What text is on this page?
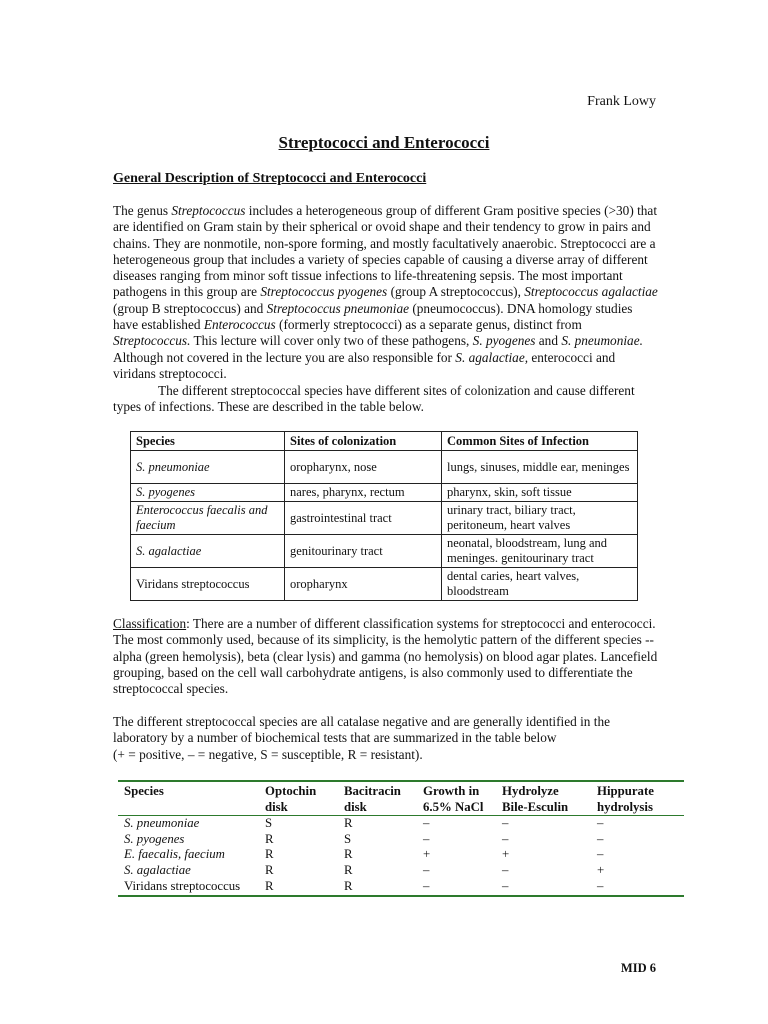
Frank Lowy
Streptococci and Enterococci
General Description of Streptococci and Enterococci
The genus Streptococcus includes a heterogeneous group of different Gram positive species (>30) that are identified on Gram stain by their spherical or ovoid shape and their tendency to grow in pairs and chains. They are nonmotile, non-spore forming, and mostly facultatively anaerobic. Streptococci are a heterogeneous group that includes a variety of species capable of causing a diverse array of different diseases ranging from minor soft tissue infections to life-threatening sepsis. The most important pathogens in this group are Streptococcus pyogenes (group A streptococcus), Streptococcus agalactiae (group B streptococcus) and Streptococcus pneumoniae (pneumococcus). DNA homology studies have established Enterococcus (formerly streptococci) as a separate genus, distinct from Streptococcus. This lecture will cover only two of these pathogens, S. pyogenes and S. pneumoniae. Although not covered in the lecture you are also responsible for S. agalactiae, enterococci and viridans streptococci.
The different streptococcal species have different sites of colonization and cause different types of infections. These are described in the table below.
Species	Sites of colonization	Common Sites of Infection
S. pneumoniae	oropharynx, nose	lungs, sinuses, middle ear, meninges
S. pyogenes	nares, pharynx, rectum	pharynx, skin, soft tissue
Enterococcus faecalis and faecium	gastrointestinal tract	urinary tract, biliary tract, peritoneum, heart valves
S. agalactiae	genitourinary tract	neonatal, bloodstream, lung and meninges. genitourinary tract
Viridans streptococcus	oropharynx	dental caries, heart valves, bloodstream
Classification: There are a number of different classification systems for streptococci and enterococci. The most commonly used, because of its simplicity, is the hemolytic pattern of the different species -- alpha (green hemolysis), beta (clear lysis) and gamma (no hemolysis) on blood agar plates. Lancefield grouping, based on the cell wall carbohydrate antigens, is also commonly used to differentiate the streptococcal species.
The different streptococcal species are all catalase negative and are generally identified in the laboratory by a number of biochemical tests that are summarized in the table below
(+ = positive, – = negative, S = susceptible, R = resistant).
Species	Optochin disk	Bacitracin disk	Growth in 6.5% NaCl	Hydrolyze Bile-Esculin	Hippurate hydrolysis
S. pneumoniae	S	R	–	–	–
S. pyogenes	R	S	–	–	–
E. faecalis, faecium	R	R	+	+	–
S. agalactiae	R	R	–	–	+
Viridans streptococcus	R	R	–	–	–
MID 6
